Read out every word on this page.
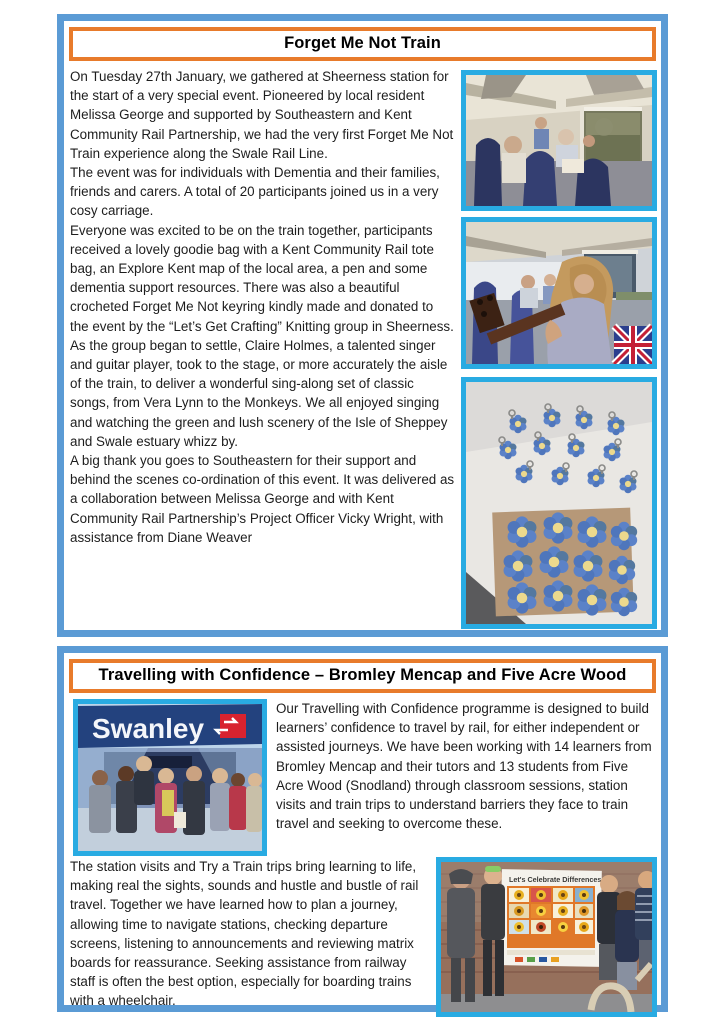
Forget Me Not Train

On Tuesday 27th January, we gathered at Sheerness station for the start of a very special event. Pioneered by local resident Melissa George and supported by Southeastern and Kent Community Rail Partnership, we had the very first Forget Me Not Train experience along the Swale Rail Line.

The event was for individuals with Dementia and their families, friends and carers. A total of 20 participants joined us in a very cosy carriage.

Everyone was excited to be on the train together, participants received a lovely goodie bag with a Kent Community Rail tote bag, an Explore Kent map of the local area, a pen and some dementia support resources. There was also a beautiful crocheted Forget Me Not keyring kindly made and donated to the event by the “Let’s Get Crafting” Knitting group in Sheerness.

As the group began to settle, Claire Holmes, a talented singer and guitar player, took to the stage, or more accurately the aisle of the train, to deliver a wonderful sing-along set of classic songs, from Vera Lynn to the Monkeys. We all enjoyed singing and watching the green and lush scenery of the Isle of Sheppey and Swale estuary whizz by.

A big thank you goes to Southeastern for their support and behind the scenes co-ordination of this event. It was delivered as a collaboration between Melissa George and with Kent Community Rail Partnership’s Project Officer Vicky Wright, with assistance from Diane Weaver

Travelling with Confidence – Bromley Mencap and Five Acre Wood
Swanley

Our Travelling with Confidence programme is designed to build learners’ confidence to travel by rail, for either independent or assisted journeys. We have been working with 14 learners from Bromley Mencap and their tutors and 13 students from Five Acre Wood (Snodland) through classroom sessions, station visits and train trips to understand barriers they face to train travel and seeking to overcome these.

The station visits and Try a Train trips bring learning to life, making real the sights, sounds and hustle and bustle of rail travel. Together we have learned how to plan a journey, allowing time to navigate stations, checking departure screens, listening to announcements and reviewing matrix boards for reassurance. Seeking assistance from railway staff is often the best option, especially for boarding trains with a wheelchair.

Let's Celebrate Differences
